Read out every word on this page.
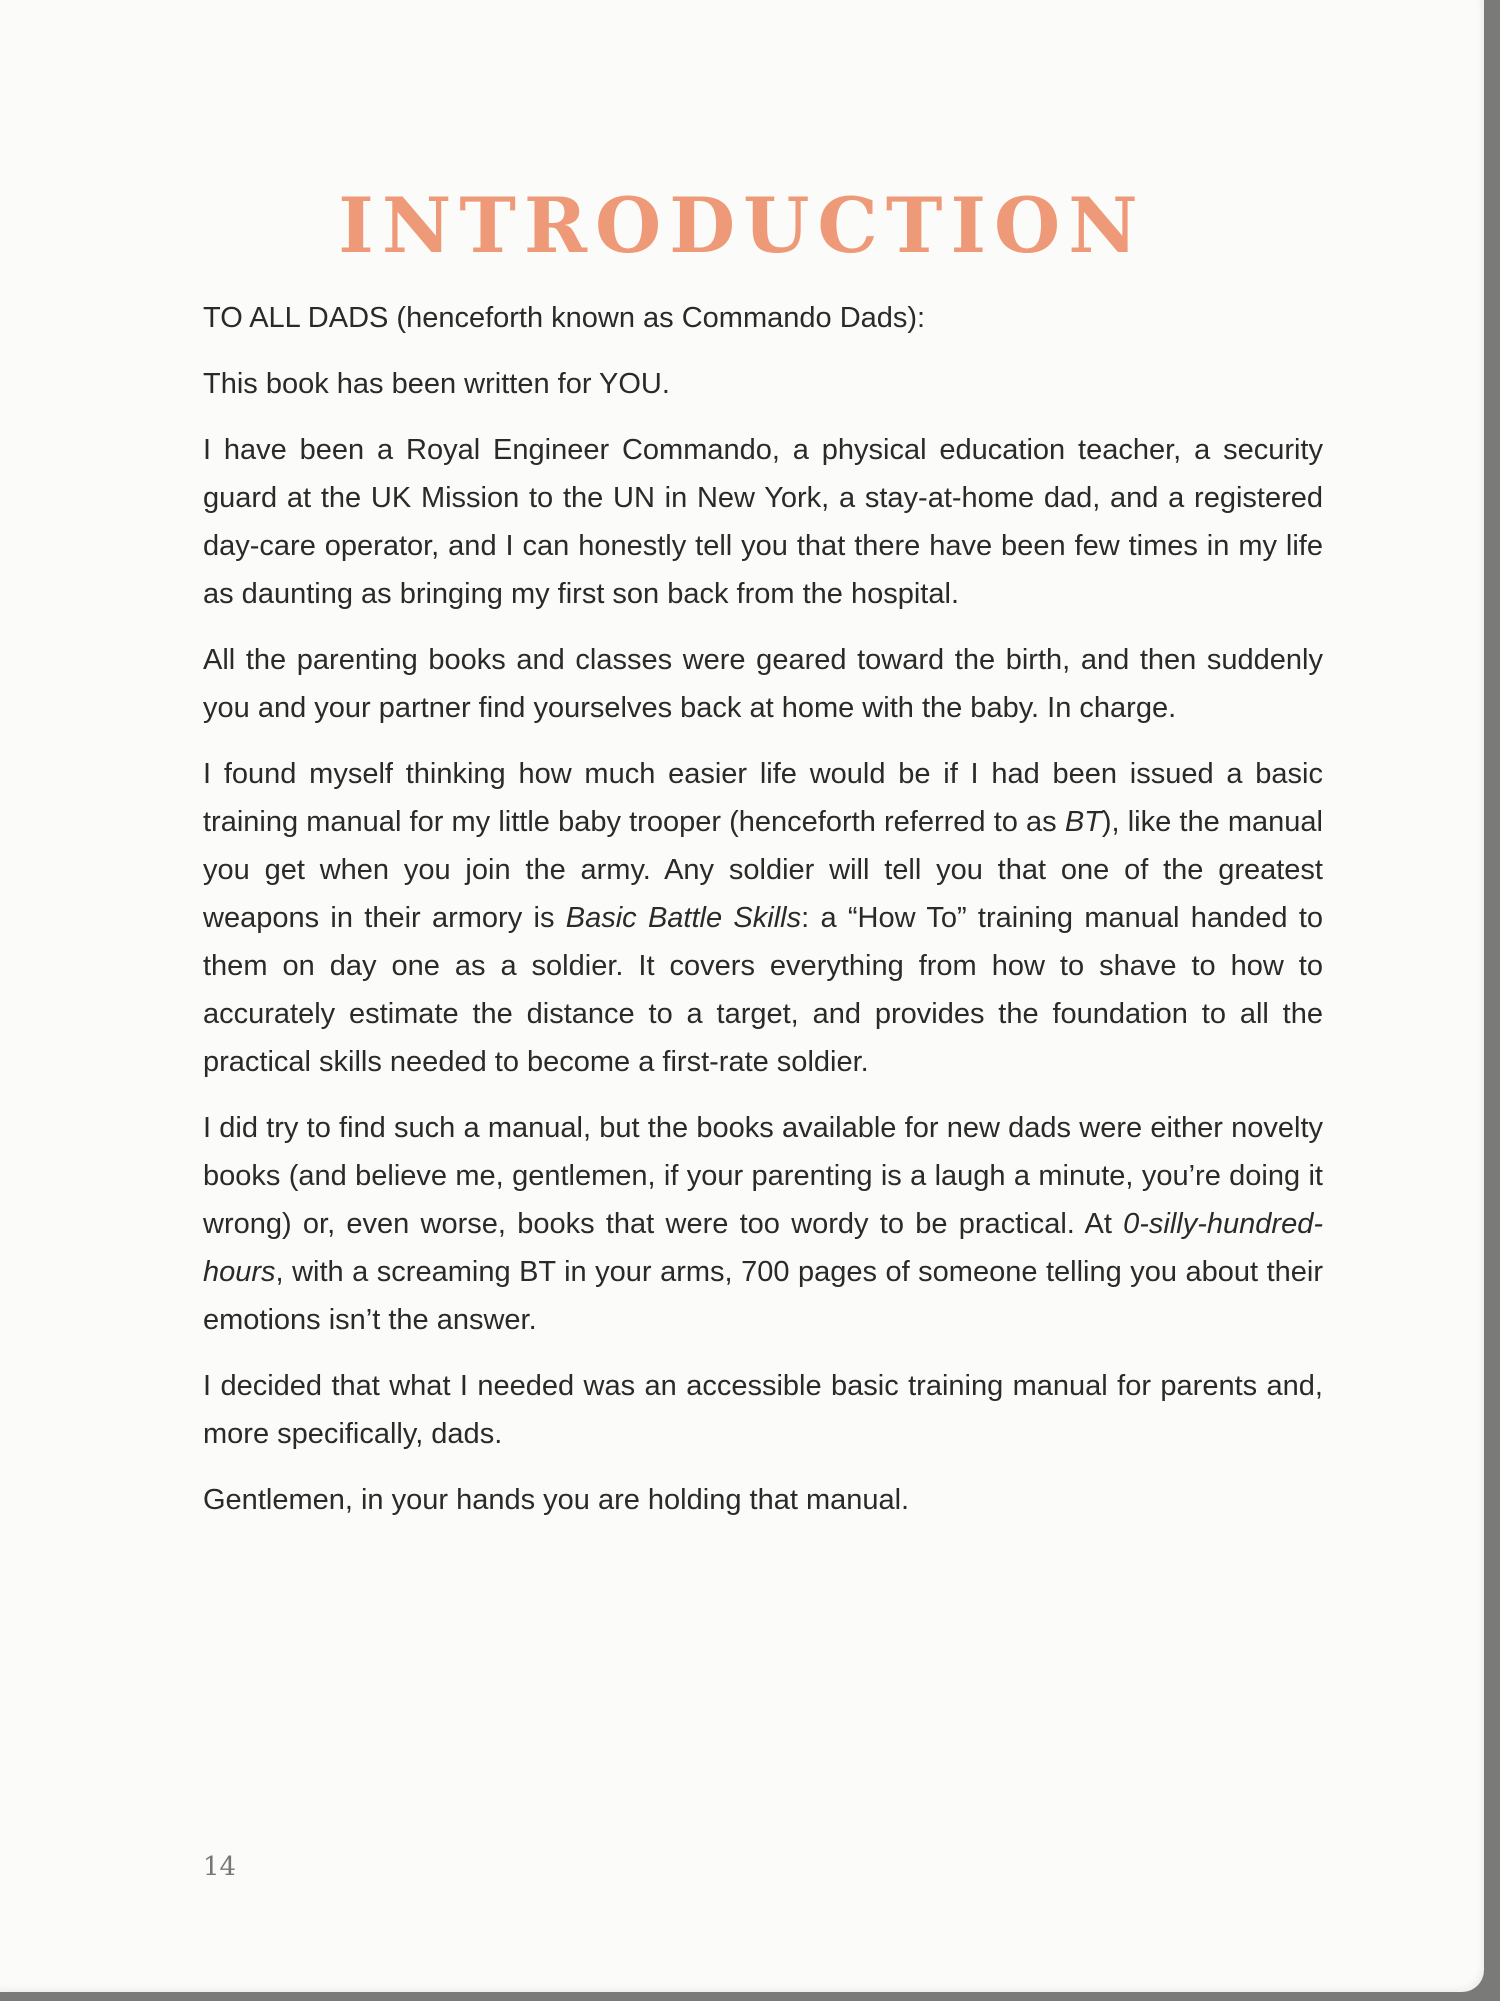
INTRODUCTION

TO ALL DADS (henceforth known as Commando Dads):

This book has been written for YOU.

I have been a Royal Engineer Commando, a physical education teacher, a security guard at the UK Mission to the UN in New York, a stay-at-home dad, and a registered day-care operator, and I can honestly tell you that there have been few times in my life as daunting as bringing my first son back from the hospital.

All the parenting books and classes were geared toward the birth, and then suddenly you and your partner find yourselves back at home with the baby. In charge.

I found myself thinking how much easier life would be if I had been issued a basic training manual for my little baby trooper (henceforth referred to as BT), like the manual you get when you join the army. Any soldier will tell you that one of the greatest weapons in their armory is Basic Battle Skills: a “How To” training manual handed to them on day one as a soldier. It covers everything from how to shave to how to accurately estimate the distance to a target, and provides the foundation to all the practical skills needed to become a first-rate soldier.

I did try to find such a manual, but the books available for new dads were either novelty books (and believe me, gentlemen, if your parenting is a laugh a minute, you’re doing it wrong) or, even worse, books that were too wordy to be practical. At 0-silly-hundred-hours, with a screaming BT in your arms, 700 pages of someone telling you about their emotions isn’t the answer.

I decided that what I needed was an accessible basic training manual for parents and, more specifically, dads.

Gentlemen, in your hands you are holding that manual.

14
